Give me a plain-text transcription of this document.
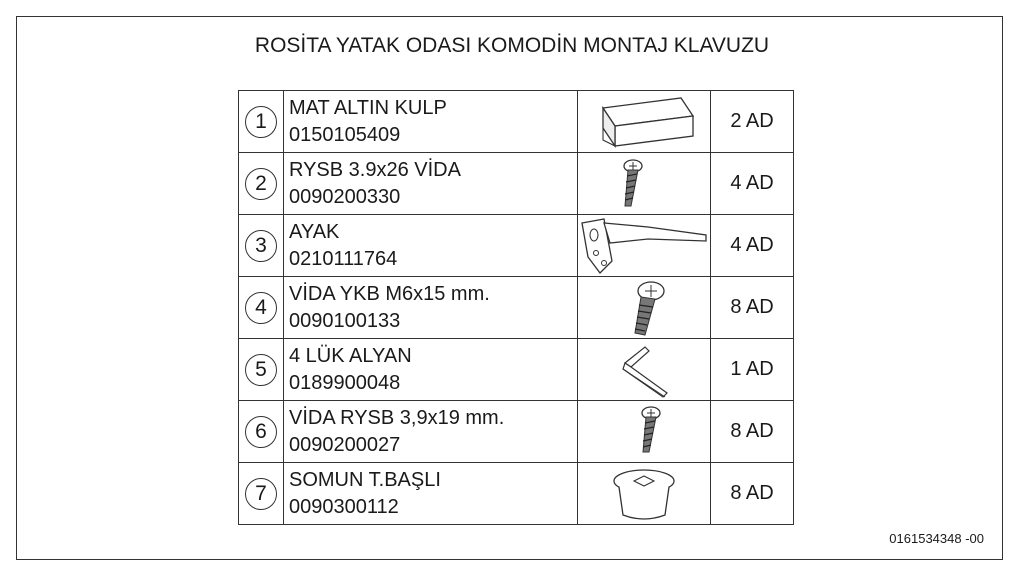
ROSİTA YATAK ODASI KOMODİN MONTAJ KLAVUZU
1	MAT ALTIN KULP
0150105409		2 AD
2	RYSB 3.9x26 VİDA
0090200330		4 AD
3	AYAK
0210111764		4 AD
4	VİDA YKB M6x15 mm.
0090100133		8 AD
5	4 LÜK ALYAN
0189900048		1 AD
6	VİDA RYSB 3,9x19 mm.
0090200027		8 AD
7	SOMUN T.BAŞLI
0090300112		8 AD
0161534348 -00
